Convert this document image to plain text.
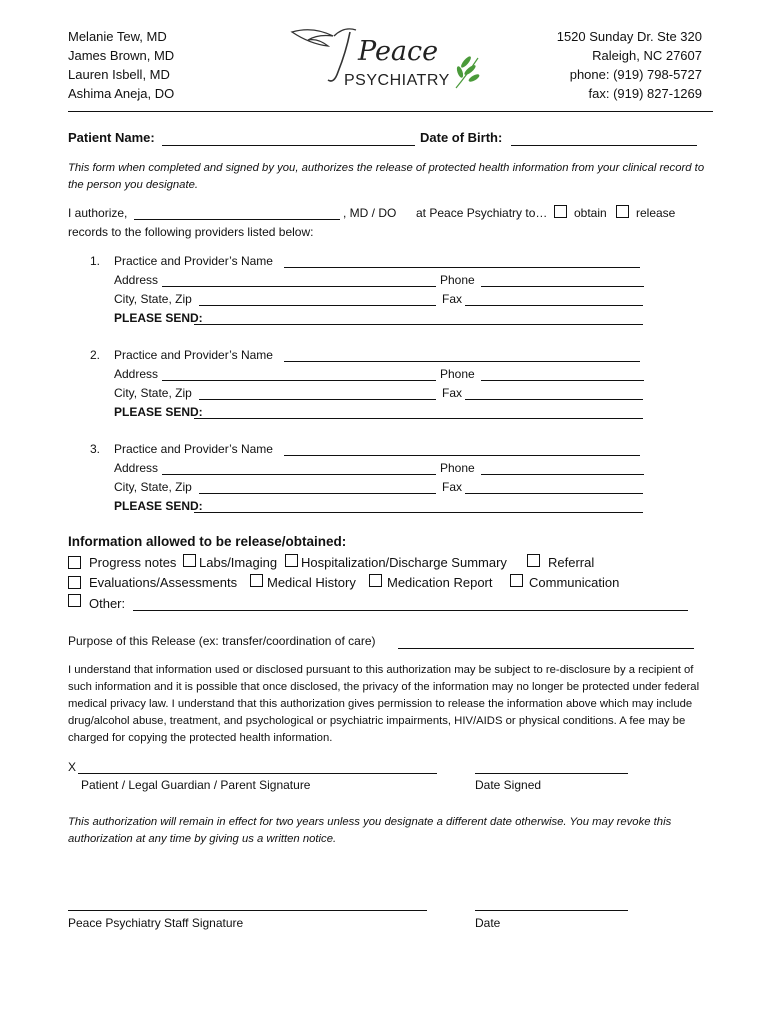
Melanie Tew, MD
James Brown, MD
Lauren Isbell, MD
Ashima Aneja, DO
Peace
PSYCHIATRY
1520 Sunday Dr. Ste 320
Raleigh, NC 27607
phone: (919) 798-5727
fax: (919) 827-1269
Patient Name:	Date of Birth:
This form when completed and signed by you, authorizes the release of protected health information from your clinical record to the person you designate.
I authorize,	, MD / DO at Peace Psychiatry to… obtain release
records to the following providers listed below:
1. Practice and Provider’s Name
Address	Phone
City, State, Zip	Fax
PLEASE SEND:
2. Practice and Provider’s Name
Address	Phone
City, State, Zip	Fax
PLEASE SEND:
3. Practice and Provider’s Name
Address	Phone
City, State, Zip	Fax
PLEASE SEND:
Information allowed to be release/obtained:
Progress notes Labs/Imaging Hospitalization/Discharge Summary	Referral
Evaluations/Assessments Medical History Medication Report	Communication
Other:
Purpose of this Release (ex: transfer/coordination of care)
I understand that information used or disclosed pursuant to this authorization may be subject to re-disclosure by a recipient of such information and it is possible that once disclosed, the privacy of the information may no longer be protected under federal medical privacy law. I understand that this authorization gives permission to release the information above which may include drug/alcohol abuse, treatment, and psychological or psychiatric impairments, HIV/AIDS or physical conditions. A fee may be charged for copying the protected health information.
X
Patient / Legal Guardian / Parent Signature	Date Signed
This authorization will remain in effect for two years unless you designate a different date otherwise. You may revoke this authorization at any time by giving us a written notice.
Peace Psychiatry Staff Signature	Date
